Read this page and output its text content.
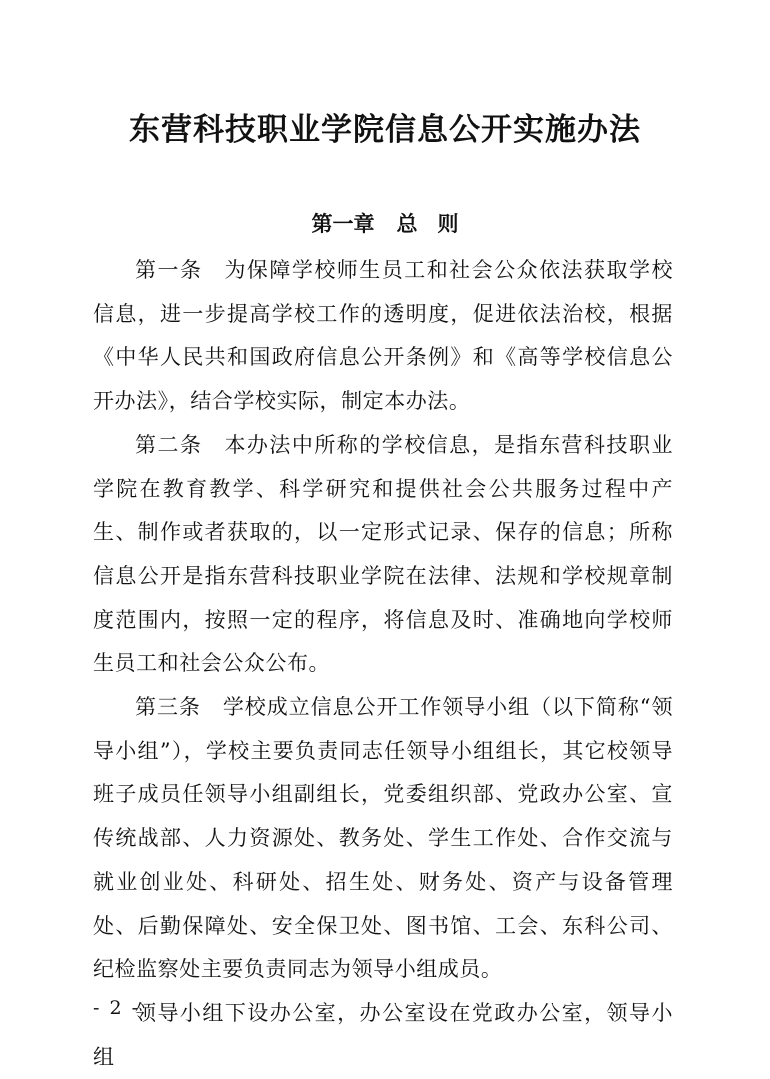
东营科技职业学院信息公开实施办法
第一章 总 则

第一条 为保障学校师生员工和社会公众依法获取学校信息，进一步提高学校工作的透明度，促进依法治校，根据《中华人民共和国政府信息公开条例》和《高等学校信息公开办法》，结合学校实际，制定本办法。

第二条 本办法中所称的学校信息，是指东营科技职业学院在教育教学、科学研究和提供社会公共服务过程中产生、制作或者获取的，以一定形式记录、保存的信息；所称信息公开是指东营科技职业学院在法律、法规和学校规章制度范围内，按照一定的程序，将信息及时、准确地向学校师生员工和社会公众公布。

第三条 学校成立信息公开工作领导小组（以下简称“领导小组”），学校主要负责同志任领导小组组长，其它校领导班子成员任领导小组副组长，党委组织部、党政办公室、宣传统战部、人力资源处、教务处、学生工作处、合作交流与就业创业处、科研处、招生处、财务处、资产与设备管理处、后勤保障处、安全保卫处、图书馆、工会、东科公司、纪检监察处主要负责同志为领导小组成员。

领导小组下设办公室，办公室设在党政办公室，领导小组

- 2 -
